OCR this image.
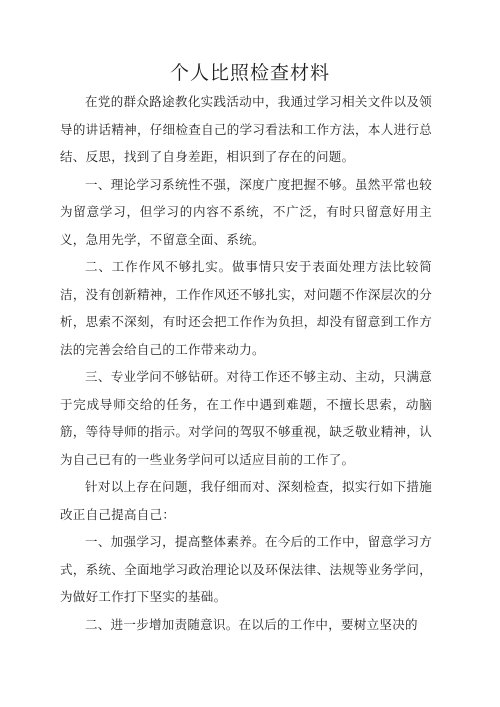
个人比照检查材料

在党的群众路途教化实践活动中，我通过学习相关文件以及领导的讲话精神，仔细检查自己的学习看法和工作方法，本人进行总结、反思，找到了自身差距，相识到了存在的问题。

一、理论学习系统性不强，深度广度把握不够。虽然平常也较为留意学习，但学习的内容不系统，不广泛，有时只留意好用主义，急用先学，不留意全面、系统。

二、工作作风不够扎实。做事情只安于表面处理方法比较简洁，没有创新精神，工作作风还不够扎实，对问题不作深层次的分析，思索不深刻，有时还会把工作作为负担，却没有留意到工作方法的完善会给自己的工作带来动力。

三、专业学问不够钻研。对待工作还不够主动、主动，只满意于完成导师交给的任务，在工作中遇到难题，不擅长思索，动脑筋，等待导师的指示。对学问的驾驭不够重视，缺乏敬业精神，认为自己已有的一些业务学问可以适应目前的工作了。

针对以上存在问题，我仔细而对、深刻检查，拟实行如下措施改正自己提高自己：

一、加强学习，提高整体素养。在今后的工作中，留意学习方式，系统、全面地学习政治理论以及环保法律、法规等业务学问，为做好工作打下坚实的基础。

二、进一步增加责随意识。在以后的工作中，要树立坚决的
